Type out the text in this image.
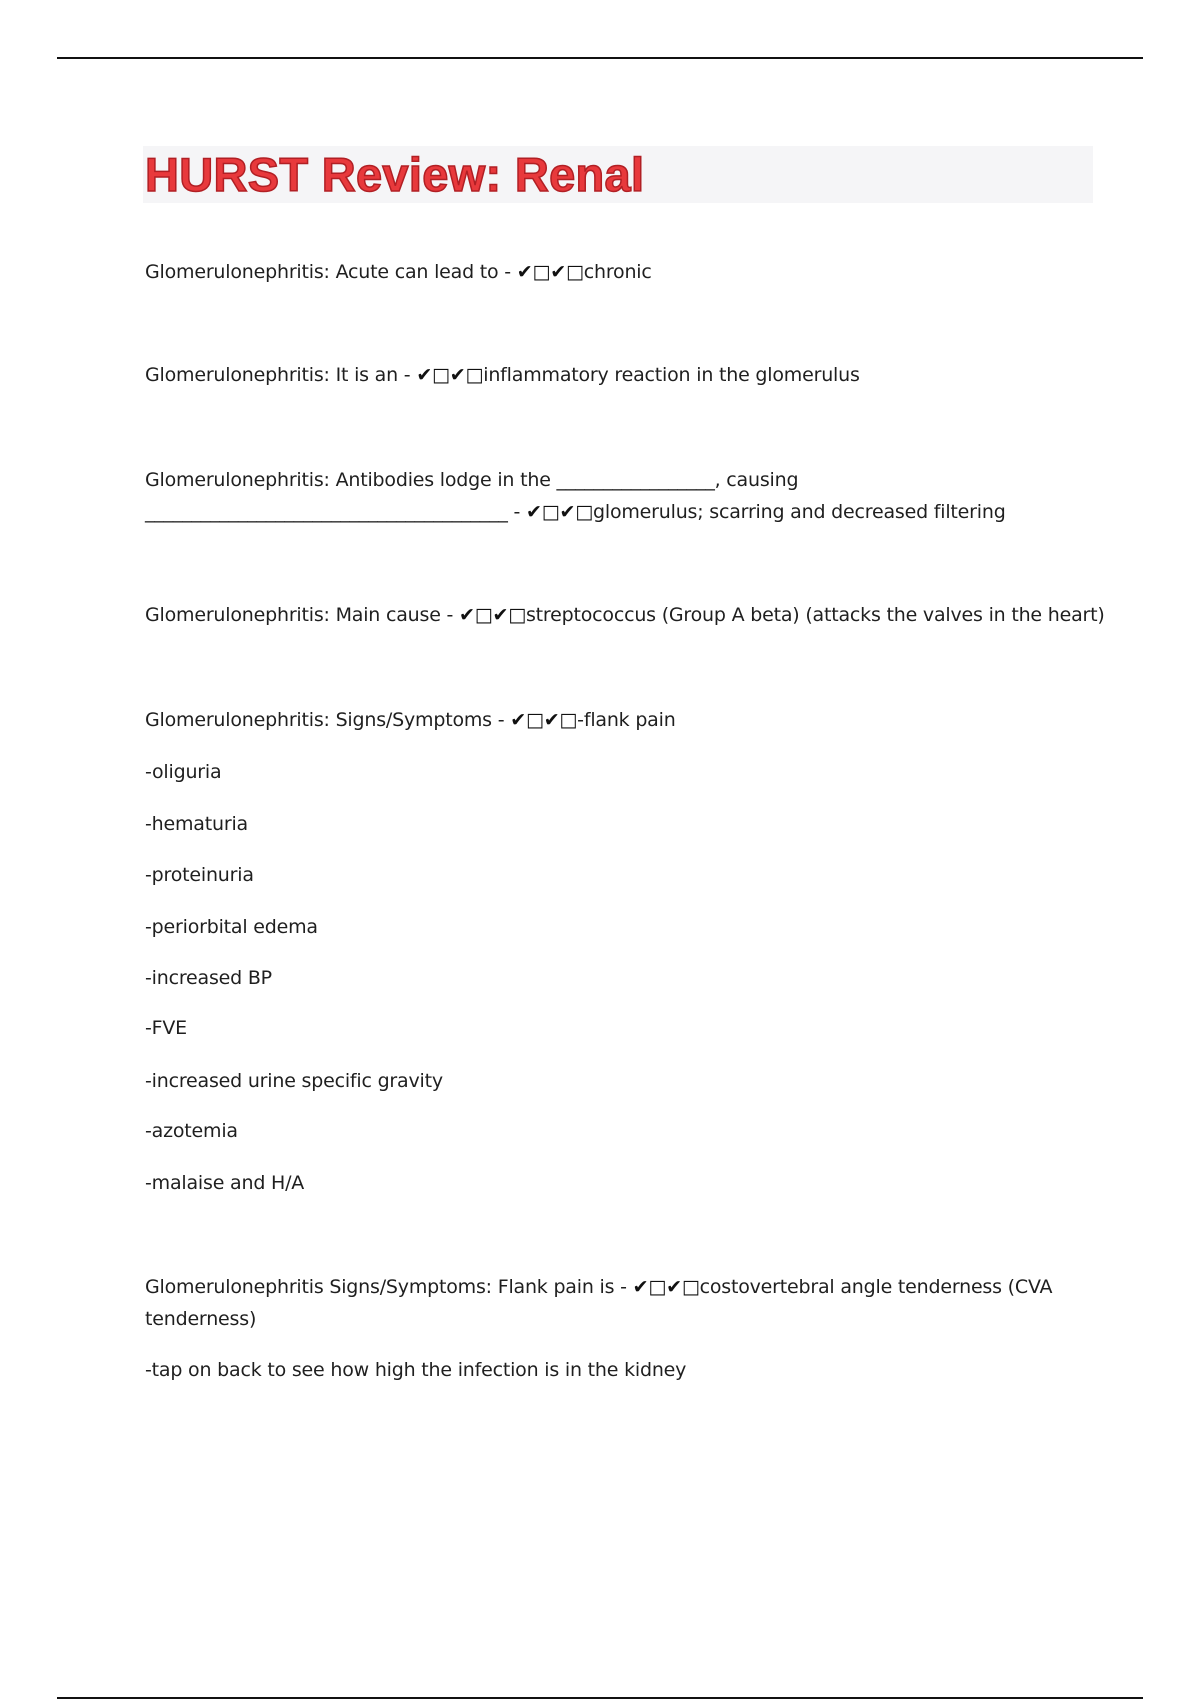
HURST Review: Renal
Glomerulonephritis: Acute can lead to - ✔□✔□chronic
Glomerulonephritis: It is an - ✔□✔□inflammatory reaction in the glomerulus
Glomerulonephritis: Antibodies lodge in the _________________, causing
_______________________________________ - ✔□✔□glomerulus; scarring and decreased filtering
Glomerulonephritis: Main cause - ✔□✔□streptococcus (Group A beta) (attacks the valves in the heart)
Glomerulonephritis: Signs/Symptoms - ✔□✔□-flank pain
-oliguria
-hematuria
-proteinuria
-periorbital edema
-increased BP
-FVE
-increased urine specific gravity
-azotemia
-malaise and H/A
Glomerulonephritis Signs/Symptoms: Flank pain is - ✔□✔□costovertebral angle tenderness (CVA
tenderness)
-tap on back to see how high the infection is in the kidney
